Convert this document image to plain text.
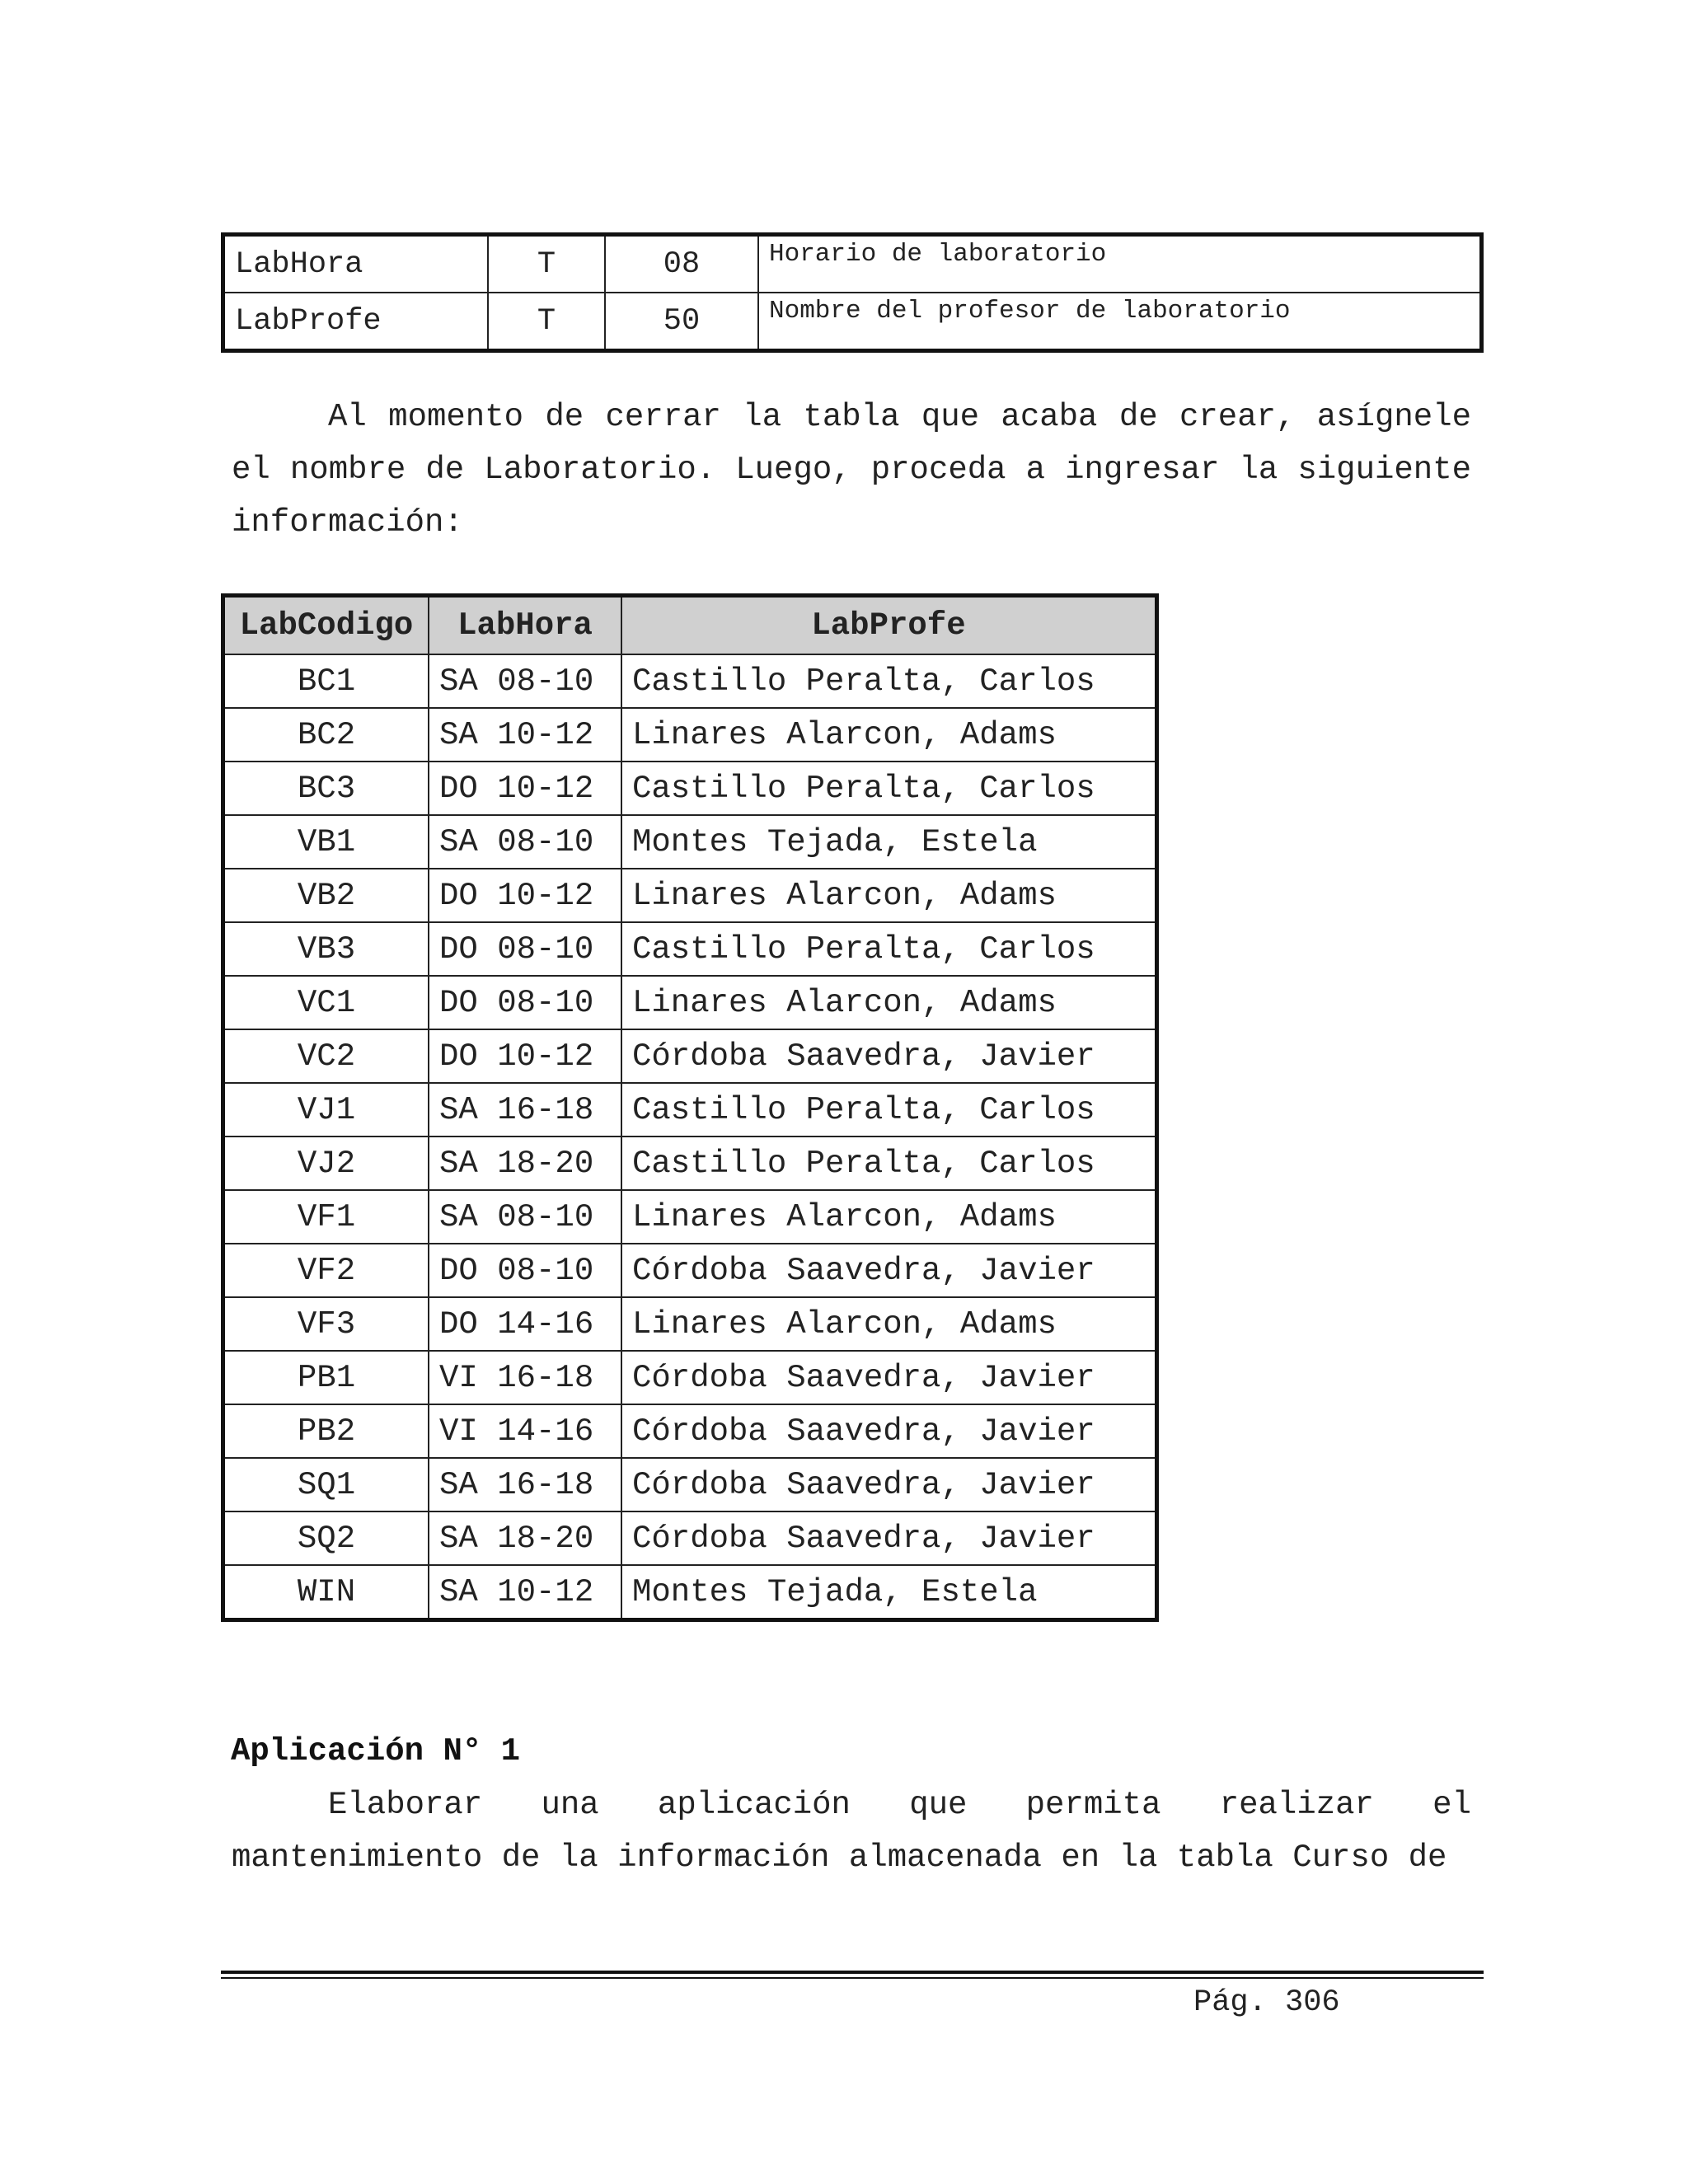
LabHora	T	08	Horario de laboratorio
LabProfe	T	50	Nombre del profesor de laboratorio

Al momento de cerrar la tabla que acaba de crear, asígnele el nombre de Laboratorio. Luego, proceda a ingresar la siguiente información:

LabCodigo	LabHora	LabProfe
BC1	SA 08-10	Castillo Peralta, Carlos
BC2	SA 10-12	Linares Alarcon, Adams
BC3	DO 10-12	Castillo Peralta, Carlos
VB1	SA 08-10	Montes Tejada, Estela
VB2	DO 10-12	Linares Alarcon, Adams
VB3	DO 08-10	Castillo Peralta, Carlos
VC1	DO 08-10	Linares Alarcon, Adams
VC2	DO 10-12	Córdoba Saavedra, Javier
VJ1	SA 16-18	Castillo Peralta, Carlos
VJ2	SA 18-20	Castillo Peralta, Carlos
VF1	SA 08-10	Linares Alarcon, Adams
VF2	DO 08-10	Córdoba Saavedra, Javier
VF3	DO 14-16	Linares Alarcon, Adams
PB1	VI 16-18	Córdoba Saavedra, Javier
PB2	VI 14-16	Córdoba Saavedra, Javier
SQ1	SA 16-18	Córdoba Saavedra, Javier
SQ2	SA 18-20	Córdoba Saavedra, Javier
WIN	SA 10-12	Montes Tejada, Estela
Aplicación N° 1

Elaborar una aplicación que permita realizar el mantenimiento de la información almacenada en la tabla Curso de

Pág. 306
